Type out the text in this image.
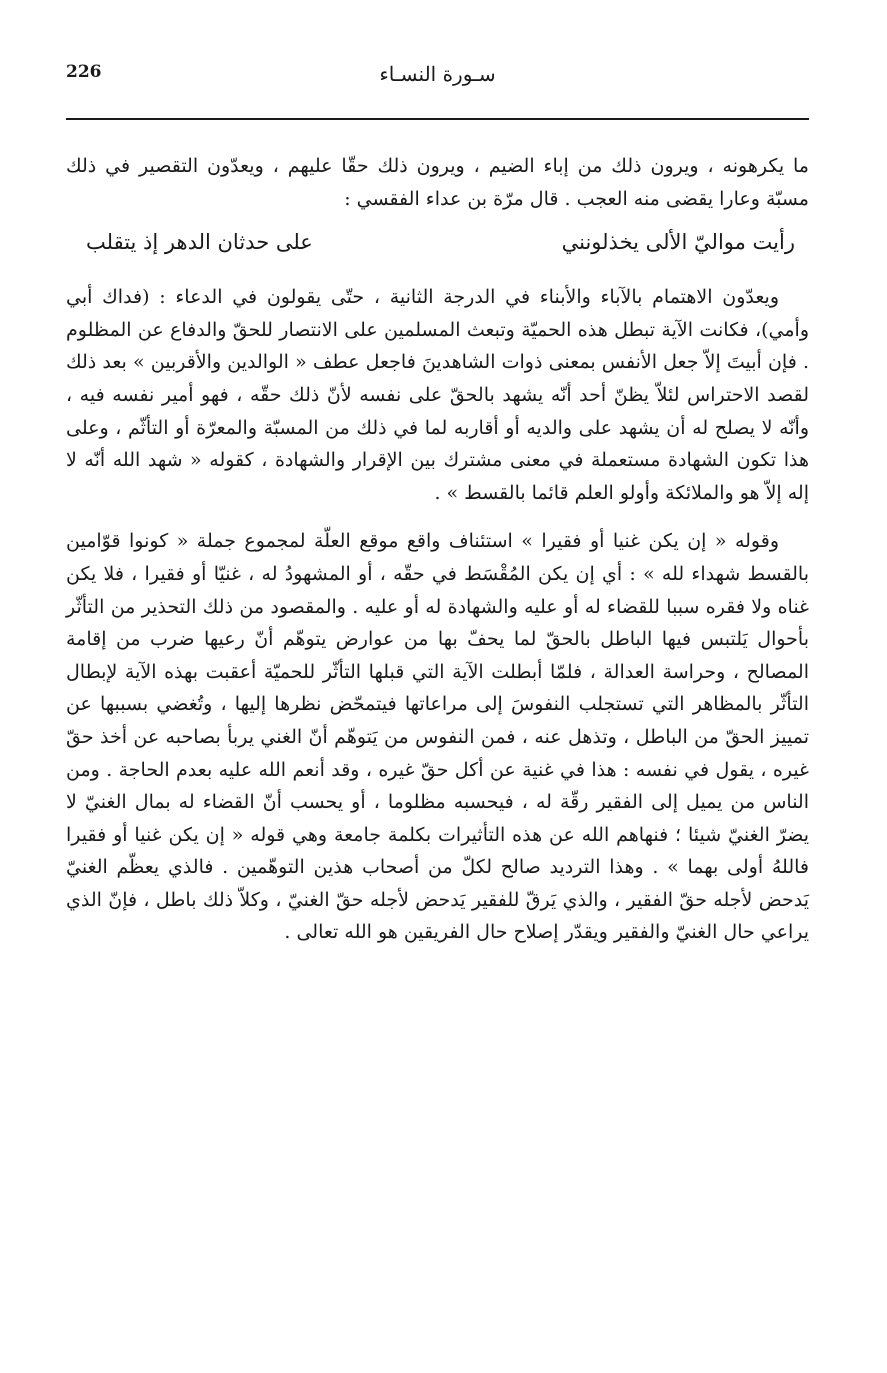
226	سـورة النسـاء

ما يكرهونه ، ويرون ذلك من إباء الضيم ، ويرون ذلك حقّا عليهم ، ويعدّون التقصير في ذلك مسبّة وعارا يقضى منه العجب . قال مرّة بن عداء الفقسي :

رأيت مواليّ الألى يخذلونني
على حدثان الدهر إذ يتقلب

ويعدّون الاهتمام بالآباء والأبناء في الدرجة الثانية ، حتّى يقولون في الدعاء : (فداك أبي وأمي)، فكانت الآية تبطل هذه الحميّة وتبعث المسلمين على الانتصار للحقّ والدفاع عن المظلوم . فإن أبيتَ إلاّ جعل الأنفس بمعنى ذوات الشاهدينَ فاجعل عطف « الوالدين والأقربين » بعد ذلك لقصد الاحتراس لئلاّ يظنّ أحد أنّه يشهد بالحقّ على نفسه لأنّ ذلك حقّه ، فهو أمير نفسه فيه ، وأنّه لا يصلح له أن يشهد على والديه أو أقاربه لما في ذلك من المسبّة والمعرّة أو التأثّم ، وعلى هذا تكون الشهادة مستعملة في معنى مشترك بين الإقرار والشهادة ، كقوله « شهد الله أنّه لا إله إلاّ هو والملائكة وأولو العلم قائما بالقسط » .

وقوله « إن يكن غنيا أو فقيرا » استئناف واقع موقع العلّة لمجموع جملة « كونوا قوّامين بالقسط شهداء لله » : أي إن يكن المُقْسَط في حقّه ، أو المشهودُ له ، غنيّا أو فقيرا ، فلا يكن غناه ولا فقره سببا للقضاء له أو عليه والشهادة له أو عليه . والمقصود من ذلك التحذير من التأثّر بأحوال يَلتبس فيها الباطل بالحقّ لما يحفّ بها من عوارض يتوهّم أنّ رعيها ضرب من إقامة المصالح ، وحراسة العدالة ، فلمّا أبطلت الآية التي قبلها التأثّر للحميّة أعقبت بهذه الآية لإبطال التأثّر بالمظاهر التي تستجلب النفوسَ إلى مراعاتها فيتمحّض نظرها إليها ، وتُغضي بسببها عن تمييز الحقّ من الباطل ، وتذهل عنه ، فمن النفوس من يَتوهّم أنّ الغني يربأ بصاحبه عن أخذ حقّ غيره ، يقول في نفسه : هذا في غنية عن أكل حقّ غيره ، وقد أنعم الله عليه بعدم الحاجة . ومن الناس من يميل إلى الفقير رقّة له ، فيحسبه مظلوما ، أو يحسب أنّ القضاء له بمال الغنيّ لا يضرّ الغنيّ شيئا ؛ فنهاهم الله عن هذه التأثيرات بكلمة جامعة وهي قوله « إن يكن غنيا أو فقيرا فاللهُ أولى بهما » . وهذا الترديد صالح لكلّ من أصحاب هذين التوهّمين . فالذي يعظّم الغنيّ يَدحض لأجله حقّ الفقير ، والذي يَرقّ للفقير يَدحض لأجله حقّ الغنيّ ، وكلاّ ذلك باطل ، فإنّ الذي يراعي حال الغنيّ والفقير ويقدّر إصلاح حال الفريقين هو الله تعالى .
